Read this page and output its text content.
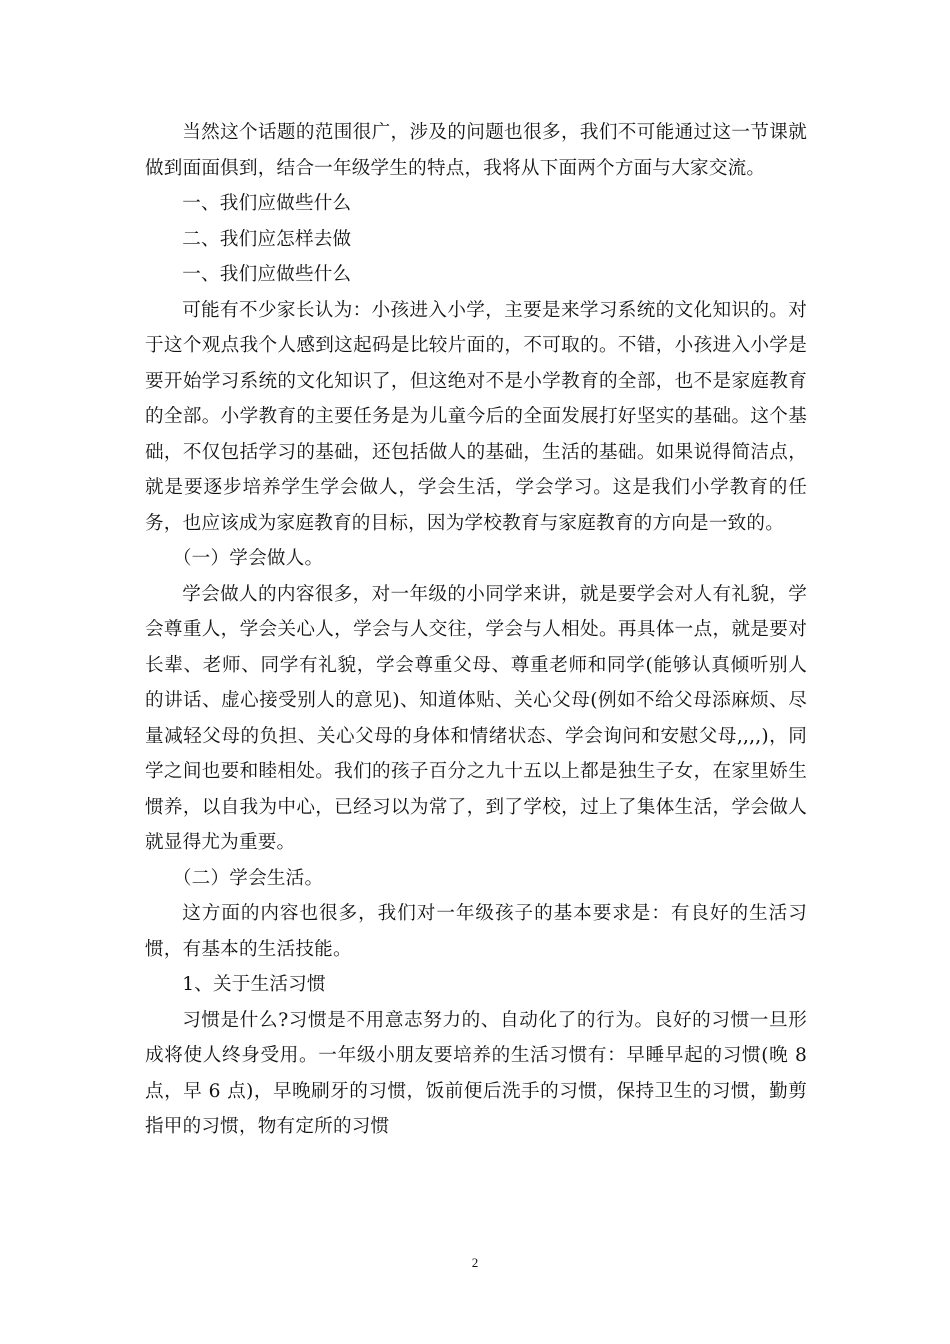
当然这个话题的范围很广，涉及的问题也很多，我们不可能通过这一节课就做到面面俱到，结合一年级学生的特点，我将从下面两个方面与大家交流。

一、我们应做些什么

二、我们应怎样去做

一、我们应做些什么

可能有不少家长认为：小孩进入小学，主要是来学习系统的文化知识的。对于这个观点我个人感到这起码是比较片面的，不可取的。不错，小孩进入小学是要开始学习系统的文化知识了，但这绝对不是小学教育的全部，也不是家庭教育的全部。小学教育的主要任务是为儿童今后的全面发展打好坚实的基础。这个基础，不仅包括学习的基础，还包括做人的基础，生活的基础。如果说得简洁点，就是要逐步培养学生学会做人，学会生活，学会学习。这是我们小学教育的任务，也应该成为家庭教育的目标，因为学校教育与家庭教育的方向是一致的。

（一）学会做人。

学会做人的内容很多，对一年级的小同学来讲，就是要学会对人有礼貌，学会尊重人，学会关心人，学会与人交往，学会与人相处。再具体一点，就是要对长辈、老师、同学有礼貌，学会尊重父母、尊重老师和同学(能够认真倾听别人的讲话、虚心接受别人的意见)、知道体贴、关心父母(例如不给父母添麻烦、尽量减轻父母的负担、关心父母的身体和情绪状态、学会询问和安慰父母,,,,)，同学之间也要和睦相处。我们的孩子百分之九十五以上都是独生子女，在家里娇生惯养，以自我为中心，已经习以为常了，到了学校，过上了集体生活，学会做人就显得尤为重要。

（二）学会生活。

这方面的内容也很多，我们对一年级孩子的基本要求是：有良好的生活习惯，有基本的生活技能。

1、关于生活习惯

习惯是什么?习惯是不用意志努力的、自动化了的行为。良好的习惯一旦形成将使人终身受用。一年级小朋友要培养的生活习惯有：早睡早起的习惯(晚 8 点，早 6 点)，早晚刷牙的习惯，饭前便后洗手的习惯，保持卫生的习惯，勤剪指甲的习惯，物有定所的习惯

2
